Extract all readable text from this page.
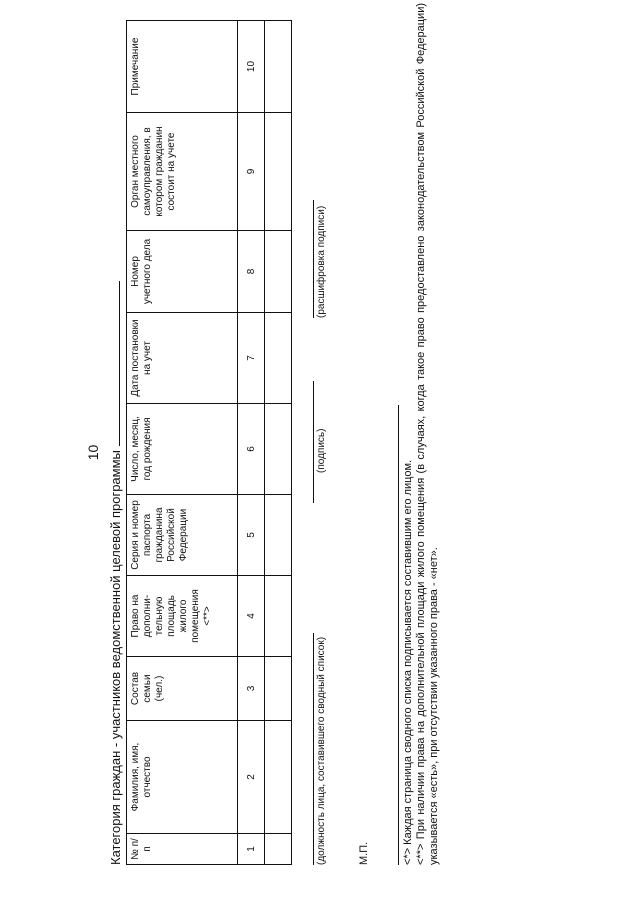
10 Категория граждан - участников ведомственной целевой программы № п/п	Фамилия, имя, отчество	Состав семьи (чел.)	Право на дополни-тельную площадь жилого помещения <**>	Серия и номер паспорта гражданина Российской Федерации	Число, месяц, год рождения	Дата постановки на учет	Номер учетного дела	Орган местного самоуправления, в котором гражданин состоит на учете	Примечание
1	2	3	4	5	6	7	8	9	10

(должность лица, составившего сводный список)
(подпись)
(расшифровка подписи)
М.П.	<*> Каждая страница сводного списка подписывается составившим его лицом. <**> При наличии права на дополнительной площади жилого помещения (в случаях, когда такое право предоставлено законодательством Российской Федерации) указывается «есть», при отсутствии указанного права - «нет».
